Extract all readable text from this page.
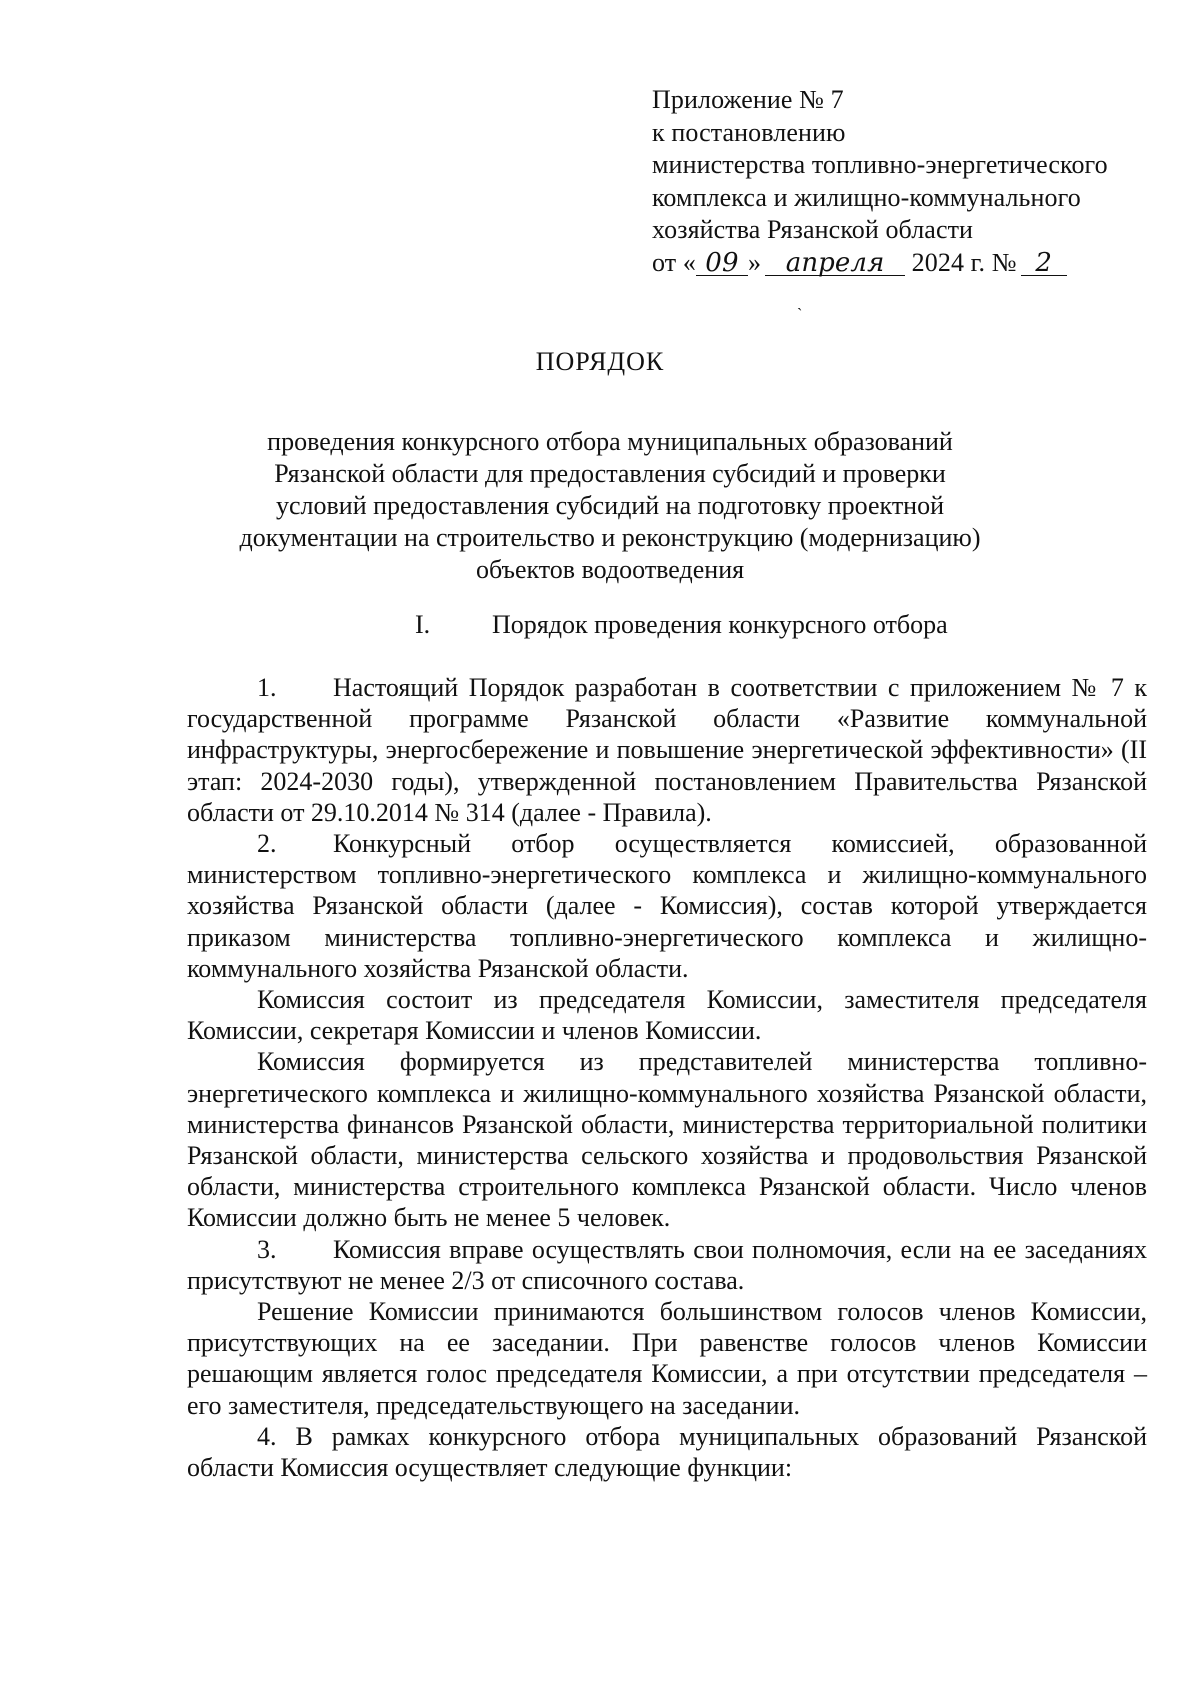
Приложение № 7
к постановлению
министерства топливно-энергетического
комплекса и жилищно-коммунального
хозяйства Рязанской области
от « 09 » апреля 2024 г. № 2
ˏ
ПОРЯДОК
проведения конкурсного отбора муниципальных образований Рязанской области для предоставления субсидий и проверки условий предоставления субсидий на подготовку проектной документации на строительство и реконструкцию (модернизацию) объектов водоотведения
I. Порядок проведения конкурсного отбора

1. Настоящий Порядок разработан в соответствии с приложением № 7 к государственной программе Рязанской области «Развитие коммунальной инфраструктуры, энергосбережение и повышение энергетической эффективности» (II этап: 2024-2030 годы), утвержденной постановлением Правительства Рязанской области от 29.10.2014 № 314 (далее - Правила).

2. Конкурсный отбор осуществляется комиссией, образованной министерством топливно-энергетического комплекса и жилищно-коммунального хозяйства Рязанской области (далее - Комиссия), состав которой утверждается приказом министерства топливно-энергетического комплекса и жилищно-коммунального хозяйства Рязанской области.

Комиссия состоит из председателя Комиссии, заместителя председателя Комиссии, секретаря Комиссии и членов Комиссии.

Комиссия формируется из представителей министерства топливно-энергетического комплекса и жилищно-коммунального хозяйства Рязанской области, министерства финансов Рязанской области, министерства территориальной политики Рязанской области, министерства сельского хозяйства и продовольствия Рязанской области, министерства строительного комплекса Рязанской области. Число членов Комиссии должно быть не менее 5 человек.

3. Комиссия вправе осуществлять свои полномочия, если на ее заседаниях присутствуют не менее 2/3 от списочного состава.

Решение Комиссии принимаются большинством голосов членов Комиссии, присутствующих на ее заседании. При равенстве голосов членов Комиссии решающим является голос председателя Комиссии, а при отсутствии председателя – его заместителя, председательствующего на заседании.

4. В рамках конкурсного отбора муниципальных образований Рязанской области Комиссия осуществляет следующие функции:
